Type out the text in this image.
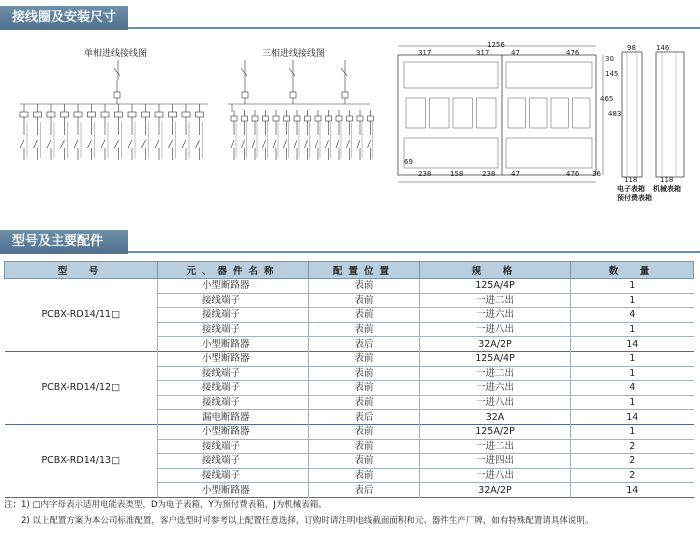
接线圈及安装尺寸
单相进线接线图	三相进线接线图
1256
317	317	47	476
30
145
465
483
69
238	158	238 47	476 36
98	146
118	118
电子表箱
预付费表箱
机械表箱
型号及主要配件
型　号	元、器件名称	配置位置	规　格	数　量
PCBX-RD14/11□	小型断路器	表前	125A/4P	1
	接线端子	表前	一进二出	1
	接线端子	表前	一进六出	4
	接线端子	表前	一进八出	1
	小型断路器	表后	32A/2P	14
PCBX-RD14/12□	小型断路器	表前	125A/4P	1
	接线端子	表前	一进二出	1
	接线端子	表前	一进六出	4
	接线端子	表前	一进八出	1
	漏电断路器	表后	32A	14
PCBX-RD14/13□	小型断路器	表前	125A/2P	1
	接线端子	表前	一进二出	2
	接线端子	表前	一进四出	2
	接线端子	表前	一进八出	2
	小型断路器	表后	32A/2P	14
注：1) □内字母表示适用电能表类型，D为电子表箱，Y为预付费表箱，J为机械表箱。
2) 以上配置方案为本公司标准配置，客户选型时可参考以上配置任意选择，订购时请注明电线截面面积和元、器件生产厂牌，如有特殊配置请具体说明。
